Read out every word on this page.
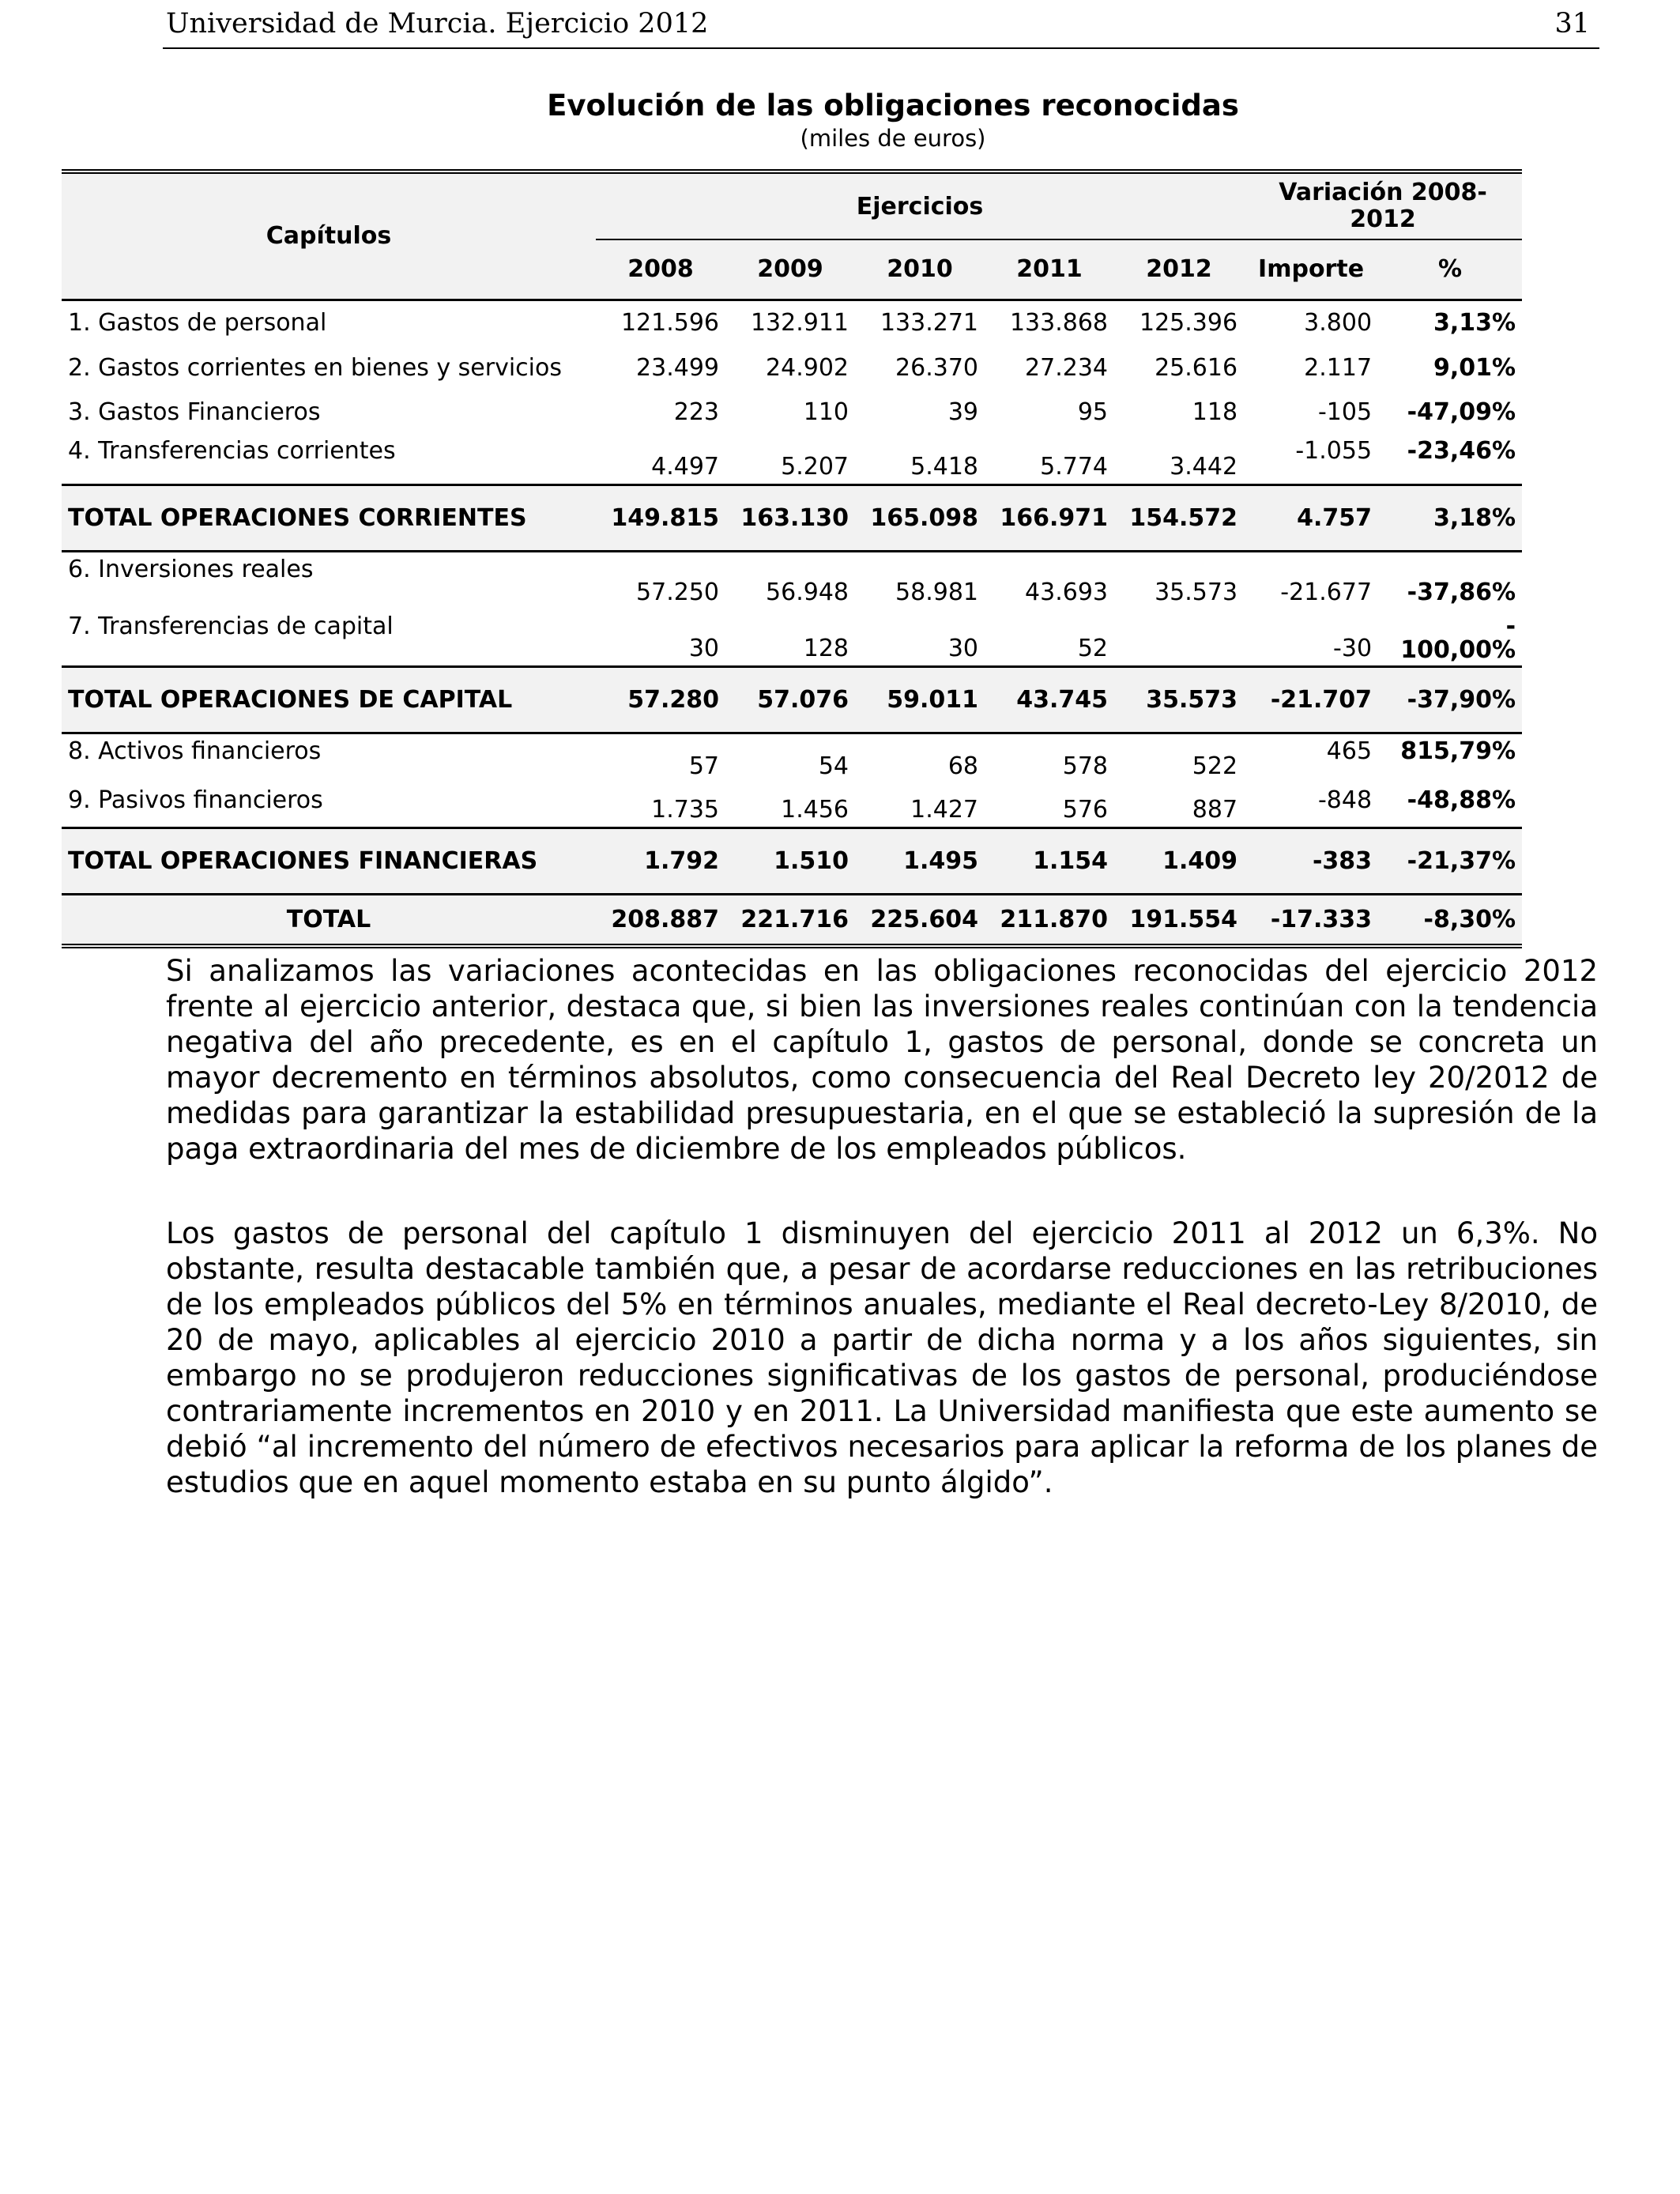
Universidad de Murcia. Ejercicio 2012	31
Evolución de las obligaciones reconocidas
(miles de euros)
Capítulos	Ejercicios					Variación 2008-2012	
	2008	2009	2010	2011	2012	Importe	%
1. Gastos de personal	121.596	132.911	133.271	133.868	125.396	3.800	3,13%
2. Gastos corrientes en bienes y servicios	23.499	24.902	26.370	27.234	25.616	2.117	9,01%
3. Gastos Financieros	223	110	39	95	118	-105	-47,09%
4. Transferencias corrientes	4.497	5.207	5.418	5.774	3.442	-1.055	-23,46%
TOTAL OPERACIONES CORRIENTES	149.815	163.130	165.098	166.971	154.572	4.757	3,18%
6. Inversiones reales	57.250	56.948	58.981	43.693	35.573	-21.677	-37,86%
7. Transferencias de capital	30	128	30	52		-30	-
100,00%
TOTAL OPERACIONES DE CAPITAL	57.280	57.076	59.011	43.745	35.573	-21.707	-37,90%
8. Activos financieros	57	54	68	578	522	465	815,79%
9. Pasivos financieros	1.735	1.456	1.427	576	887	-848	-48,88%
TOTAL OPERACIONES FINANCIERAS	1.792	1.510	1.495	1.154	1.409	-383	-21,37%
TOTAL	208.887	221.716	225.604	211.870	191.554	-17.333	-8,30%

Si analizamos las variaciones acontecidas en las obligaciones reconocidas del ejercicio 2012 frente al ejercicio anterior, destaca que, si bien las inversiones reales continúan con la tendencia negativa del año precedente, es en el capítulo 1, gastos de personal, donde se concreta un mayor decremento en términos absolutos, como consecuencia del Real Decreto ley 20/2012 de medidas para garantizar la estabilidad presupuestaria, en el que se estableció la supresión de la paga extraordinaria del mes de diciembre de los empleados públicos.

Los gastos de personal del capítulo 1 disminuyen del ejercicio 2011 al 2012 un 6,3%. No obstante, resulta destacable también que, a pesar de acordarse reducciones en las retribuciones de los empleados públicos del 5% en términos anuales, mediante el Real decreto-Ley 8/2010, de 20 de mayo, aplicables al ejercicio 2010 a partir de dicha norma y a los años siguientes, sin embargo no se produjeron reducciones significativas de los gastos de personal, produciéndose contrariamente incrementos en 2010 y en 2011. La Universidad manifiesta que este aumento se debió “al incremento del número de efectivos necesarios para aplicar la reforma de los planes de estudios que en aquel momento estaba en su punto álgido”.
